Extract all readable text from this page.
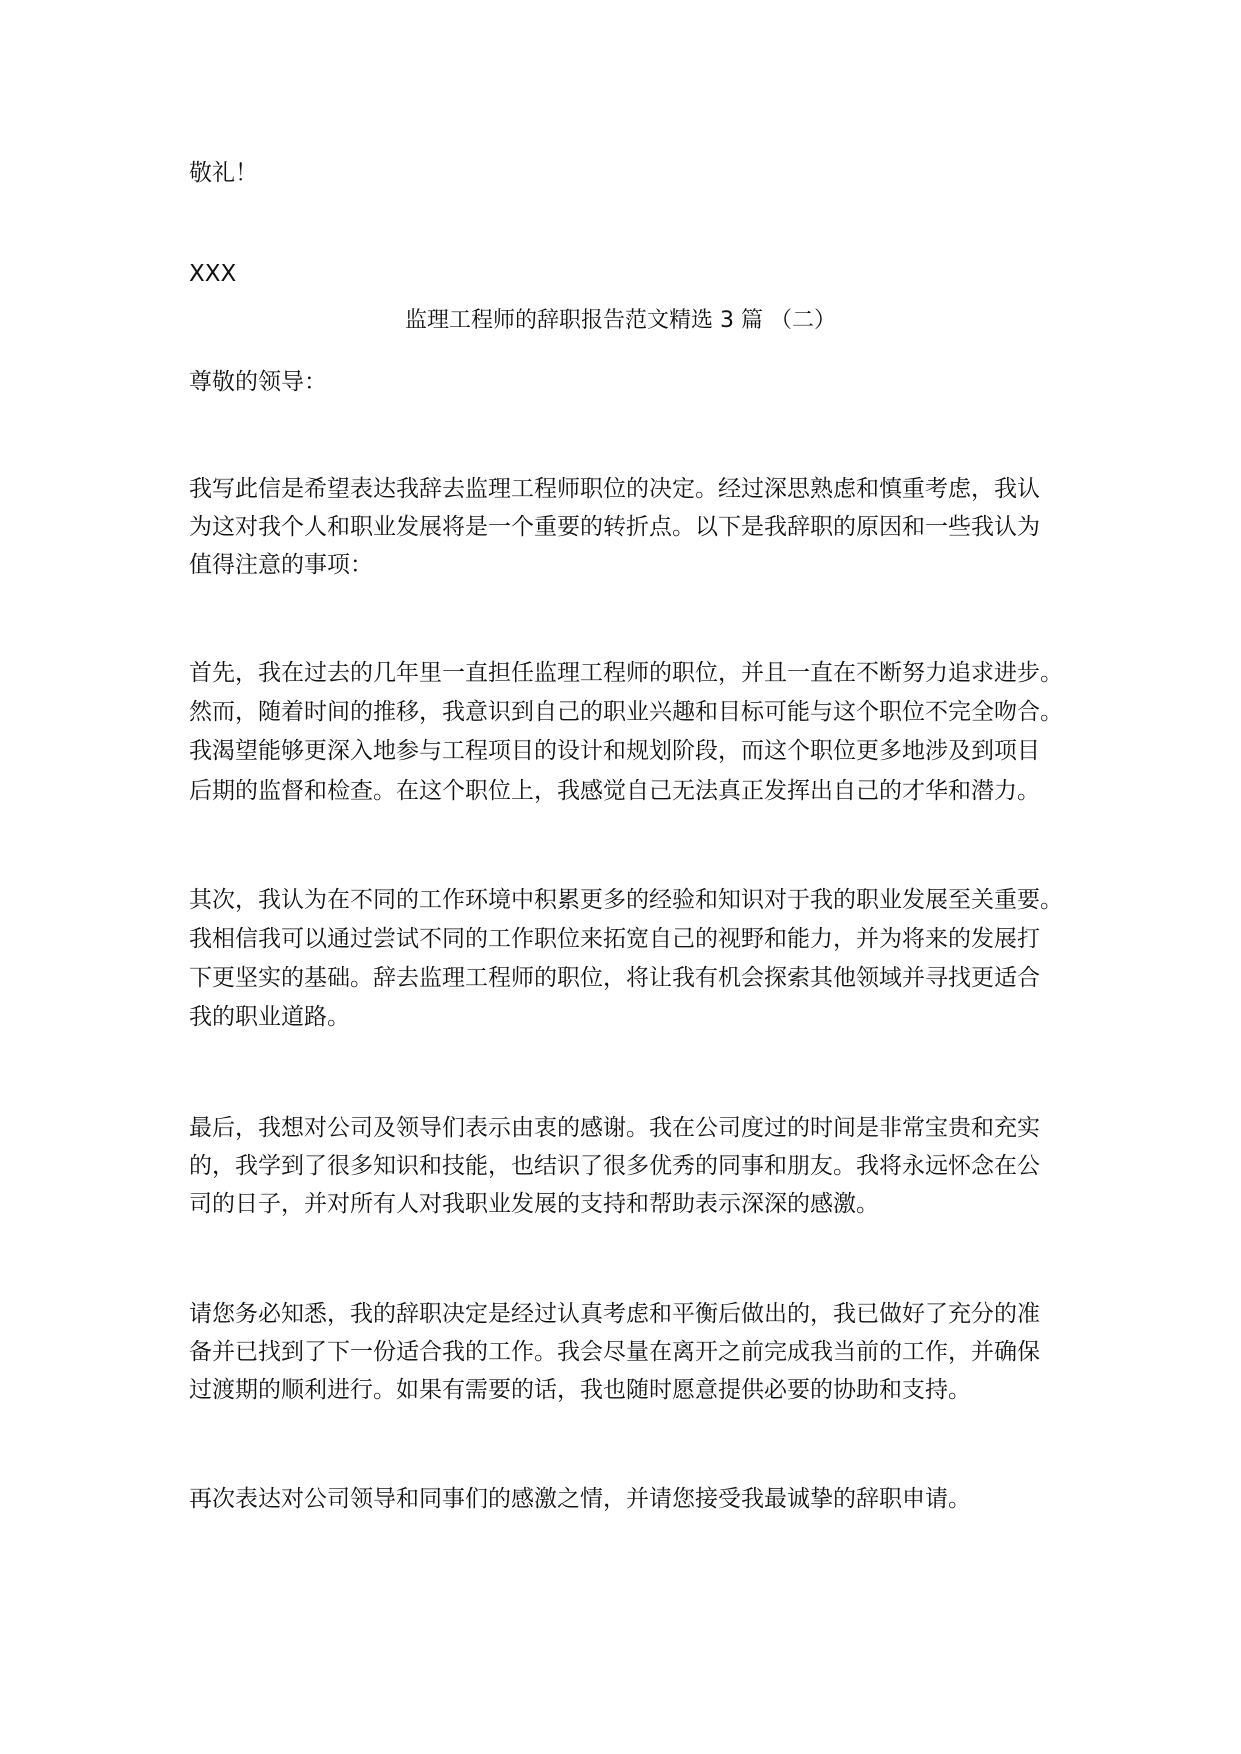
敬礼！
XXX
监理工程师的辞职报告范文精选 3 篇 （二）
尊敬的领导：
我写此信是希望表达我辞去监理工程师职位的决定。经过深思熟虑和慎重考虑，我认
为这对我个人和职业发展将是一个重要的转折点。以下是我辞职的原因和一些我认为
值得注意的事项：
首先，我在过去的几年里一直担任监理工程师的职位，并且一直在不断努力追求进步。
然而，随着时间的推移，我意识到自己的职业兴趣和目标可能与这个职位不完全吻合。
我渴望能够更深入地参与工程项目的设计和规划阶段，而这个职位更多地涉及到项目
后期的监督和检查。在这个职位上，我感觉自己无法真正发挥出自己的才华和潜力。
其次，我认为在不同的工作环境中积累更多的经验和知识对于我的职业发展至关重要。
我相信我可以通过尝试不同的工作职位来拓宽自己的视野和能力，并为将来的发展打
下更坚实的基础。辞去监理工程师的职位，将让我有机会探索其他领域并寻找更适合
我的职业道路。
最后，我想对公司及领导们表示由衷的感谢。我在公司度过的时间是非常宝贵和充实
的，我学到了很多知识和技能，也结识了很多优秀的同事和朋友。我将永远怀念在公
司的日子，并对所有人对我职业发展的支持和帮助表示深深的感激。
请您务必知悉，我的辞职决定是经过认真考虑和平衡后做出的，我已做好了充分的准
备并已找到了下一份适合我的工作。我会尽量在离开之前完成我当前的工作，并确保
过渡期的顺利进行。如果有需要的话，我也随时愿意提供必要的协助和支持。
再次表达对公司领导和同事们的感激之情，并请您接受我最诚挚的辞职申请。
